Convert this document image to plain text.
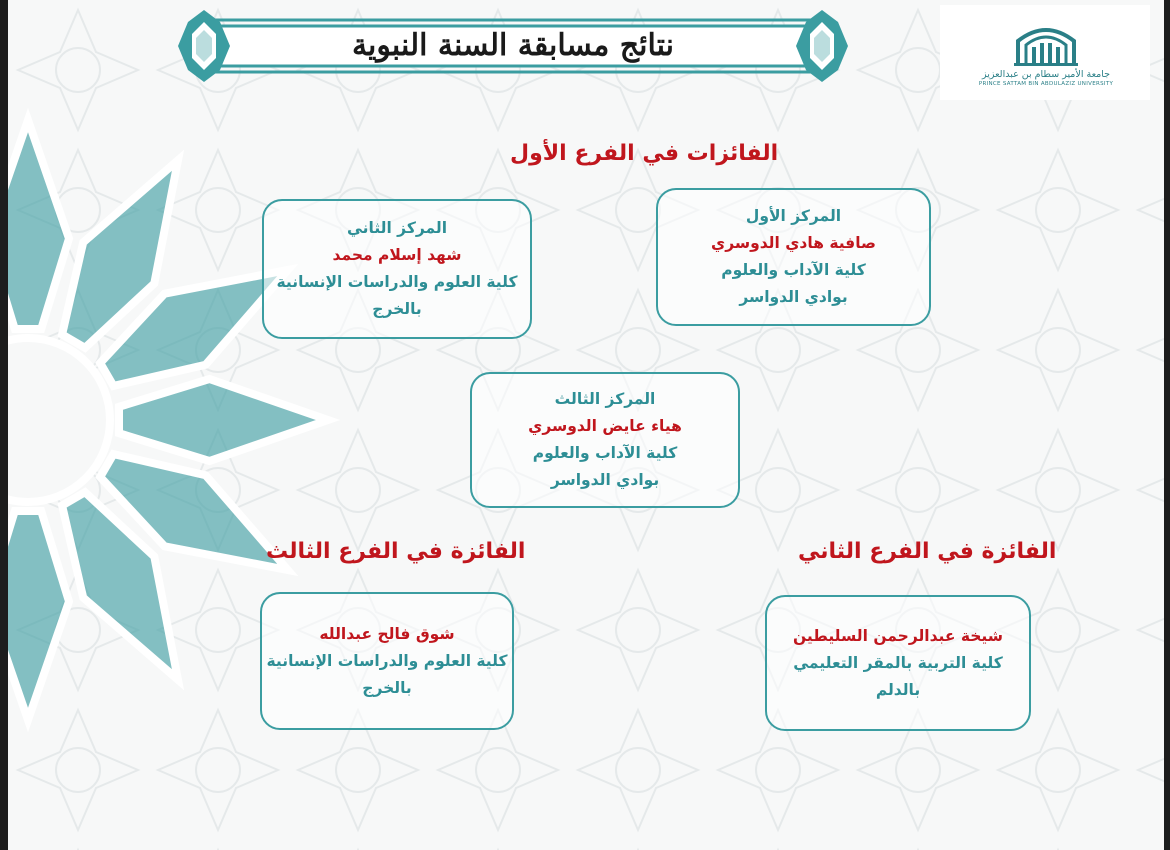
نتائج مسابقة السنة النبوية
جامعة الأمير سطام بن عبدالعزيز
PRINCE SATTAM BIN ABDULAZIZ UNIVERSITY
الفائزات في الفرع الأول
المركز الأول
صافية هادي الدوسري
كلية الآداب والعلوم
بوادي الدواسر
المركز الثاني
شهد إسلام محمد
كلية العلوم والدراسات الإنسانية
بالخرج
المركز الثالث
هياء عايض الدوسري
كلية الآداب والعلوم
بوادي الدواسر
الفائزة في الفرع الثاني
شيخة عبدالرحمن السليطين
كلية التربية بالمقر التعليمي
بالدلم
الفائزة في الفرع الثالث
شوق فالح عبدالله
كلية العلوم والدراسات الإنسانية
بالخرج
